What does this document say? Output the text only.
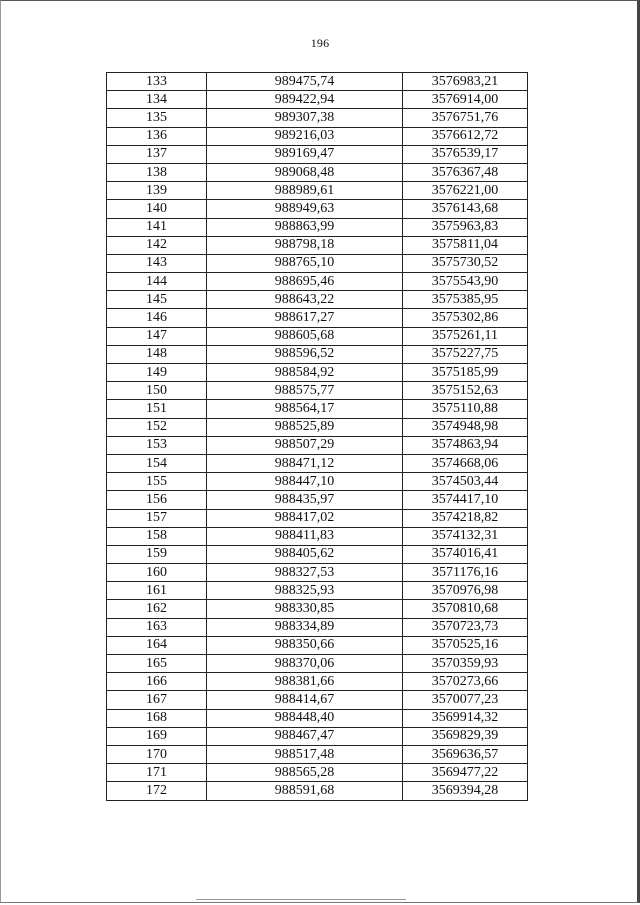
196
133	989475,74	3576983,21
134	989422,94	3576914,00
135	989307,38	3576751,76
136	989216,03	3576612,72
137	989169,47	3576539,17
138	989068,48	3576367,48
139	988989,61	3576221,00
140	988949,63	3576143,68
141	988863,99	3575963,83
142	988798,18	3575811,04
143	988765,10	3575730,52
144	988695,46	3575543,90
145	988643,22	3575385,95
146	988617,27	3575302,86
147	988605,68	3575261,11
148	988596,52	3575227,75
149	988584,92	3575185,99
150	988575,77	3575152,63
151	988564,17	3575110,88
152	988525,89	3574948,98
153	988507,29	3574863,94
154	988471,12	3574668,06
155	988447,10	3574503,44
156	988435,97	3574417,10
157	988417,02	3574218,82
158	988411,83	3574132,31
159	988405,62	3574016,41
160	988327,53	3571176,16
161	988325,93	3570976,98
162	988330,85	3570810,68
163	988334,89	3570723,73
164	988350,66	3570525,16
165	988370,06	3570359,93
166	988381,66	3570273,66
167	988414,67	3570077,23
168	988448,40	3569914,32
169	988467,47	3569829,39
170	988517,48	3569636,57
171	988565,28	3569477,22
172	988591,68	3569394,28
